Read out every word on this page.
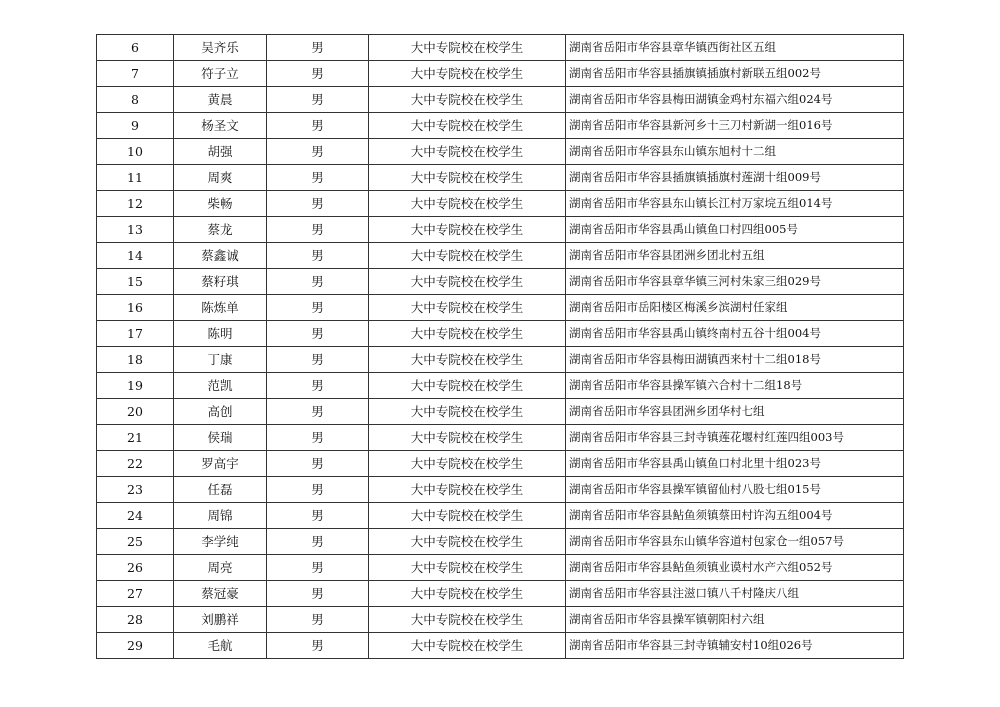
6	吴齐乐	男	大中专院校在校学生	湖南省岳阳市华容县章华镇西街社区五组
7	符子立	男	大中专院校在校学生	湖南省岳阳市华容县插旗镇插旗村新联五组002号
8	黄晨	男	大中专院校在校学生	湖南省岳阳市华容县梅田湖镇金鸡村东福六组024号
9	杨圣文	男	大中专院校在校学生	湖南省岳阳市华容县新河乡十三刀村新湖一组016号
10	胡强	男	大中专院校在校学生	湖南省岳阳市华容县东山镇东旭村十二组
11	周爽	男	大中专院校在校学生	湖南省岳阳市华容县插旗镇插旗村莲湖十组009号
12	柴畅	男	大中专院校在校学生	湖南省岳阳市华容县东山镇长江村万家垸五组014号
13	蔡龙	男	大中专院校在校学生	湖南省岳阳市华容县禹山镇鱼口村四组005号
14	蔡鑫诚	男	大中专院校在校学生	湖南省岳阳市华容县团洲乡团北村五组
15	蔡籽琪	男	大中专院校在校学生	湖南省岳阳市华容县章华镇三河村朱家三组029号
16	陈炼单	男	大中专院校在校学生	湖南省岳阳市岳阳楼区梅溪乡滨湖村任家组
17	陈明	男	大中专院校在校学生	湖南省岳阳市华容县禹山镇终南村五谷十组004号
18	丁康	男	大中专院校在校学生	湖南省岳阳市华容县梅田湖镇西来村十二组018号
19	范凯	男	大中专院校在校学生	湖南省岳阳市华容县操军镇六合村十二组18号
20	高创	男	大中专院校在校学生	湖南省岳阳市华容县团洲乡团华村七组
21	侯瑞	男	大中专院校在校学生	湖南省岳阳市华容县三封寺镇莲花堰村红莲四组003号
22	罗高宇	男	大中专院校在校学生	湖南省岳阳市华容县禹山镇鱼口村北里十组023号
23	任磊	男	大中专院校在校学生	湖南省岳阳市华容县操军镇留仙村八股七组015号
24	周锦	男	大中专院校在校学生	湖南省岳阳市华容县鲇鱼须镇蔡田村许沟五组004号
25	李学纯	男	大中专院校在校学生	湖南省岳阳市华容县东山镇华容道村包家仓一组057号
26	周亮	男	大中专院校在校学生	湖南省岳阳市华容县鲇鱼须镇业谟村水产六组052号
27	蔡冠豪	男	大中专院校在校学生	湖南省岳阳市华容县注滋口镇八千村隆庆八组
28	刘鹏祥	男	大中专院校在校学生	湖南省岳阳市华容县操军镇朝阳村六组
29	毛航	男	大中专院校在校学生	湖南省岳阳市华容县三封寺镇辅安村10组026号
